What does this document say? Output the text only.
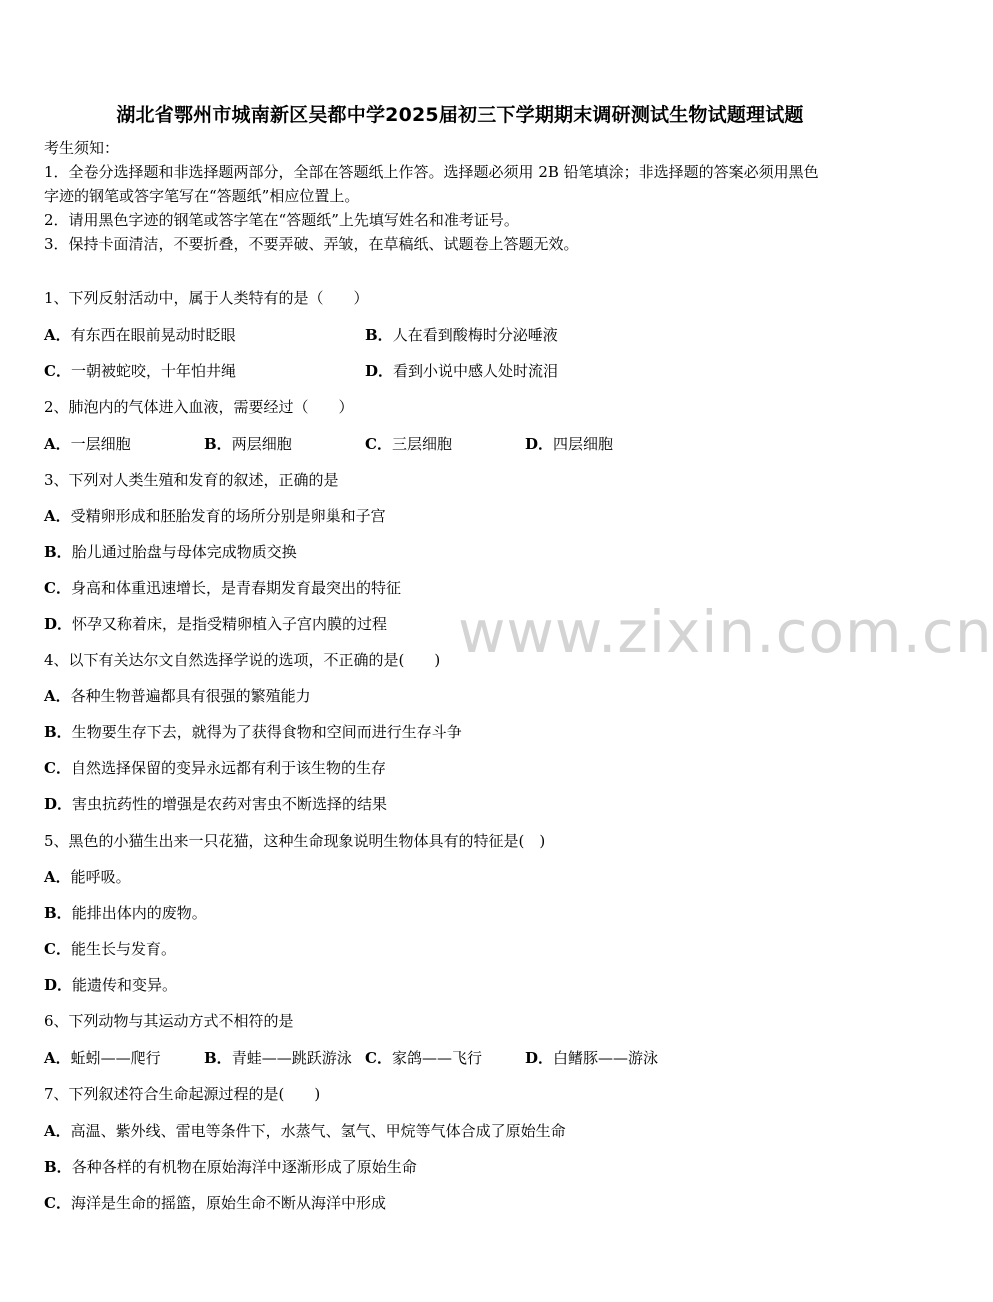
湖北省鄂州市城南新区吴都中学2025届初三下学期期末调研测试生物试题理试题
考生须知：
1．全卷分选择题和非选择题两部分，全部在答题纸上作答。选择题必须用 2B 铅笔填涂；非选择题的答案必须用黑色
字迹的钢笔或答字笔写在“答题纸”相应位置上。
2．请用黑色字迹的钢笔或答字笔在“答题纸”上先填写姓名和准考证号。
3．保持卡面清洁，不要折叠，不要弄破、弄皱，在草稿纸、试题卷上答题无效。
1、下列反射活动中，属于人类特有的是（　　）
A．有东西在眼前晃动时眨眼	B．人在看到酸梅时分泌唾液
C．一朝被蛇咬，十年怕井绳	D．看到小说中感人处时流泪
2、肺泡内的气体进入血液，需要经过（　　）
A．一层细胞	B．两层细胞	C．三层细胞	D．四层细胞
3、下列对人类生殖和发育的叙述，正确的是
A．受精卵形成和胚胎发育的场所分别是卵巢和子宫
B．胎儿通过胎盘与母体完成物质交换
C．身高和体重迅速增长，是青春期发育最突出的特征
D．怀孕又称着床，是指受精卵植入子宫内膜的过程
4、以下有关达尔文自然选择学说的选项，不正确的是(　　)
A．各种生物普遍都具有很强的繁殖能力
B．生物要生存下去，就得为了获得食物和空间而进行生存斗争
C．自然选择保留的变异永远都有利于该生物的生存
D．害虫抗药性的增强是农药对害虫不断选择的结果
5、黑色的小猫生出来一只花猫，这种生命现象说明生物体具有的特征是(　)
A．能呼吸。
B．能排出体内的废物。
C．能生长与发育。
D．能遗传和变异。
6、下列动物与其运动方式不相符的是
A．蚯蚓——爬行	B．青蛙——跳跃游泳 C．家鸽——飞行	D．白鳍豚——游泳
7、下列叙述符合生命起源过程的是(　　)
A．高温、紫外线、雷电等条件下，水蒸气、氢气、甲烷等气体合成了原始生命
B．各种各样的有机物在原始海洋中逐渐形成了原始生命
C．海洋是生命的摇篮，原始生命不断从海洋中形成
www.zixin.com.cn
